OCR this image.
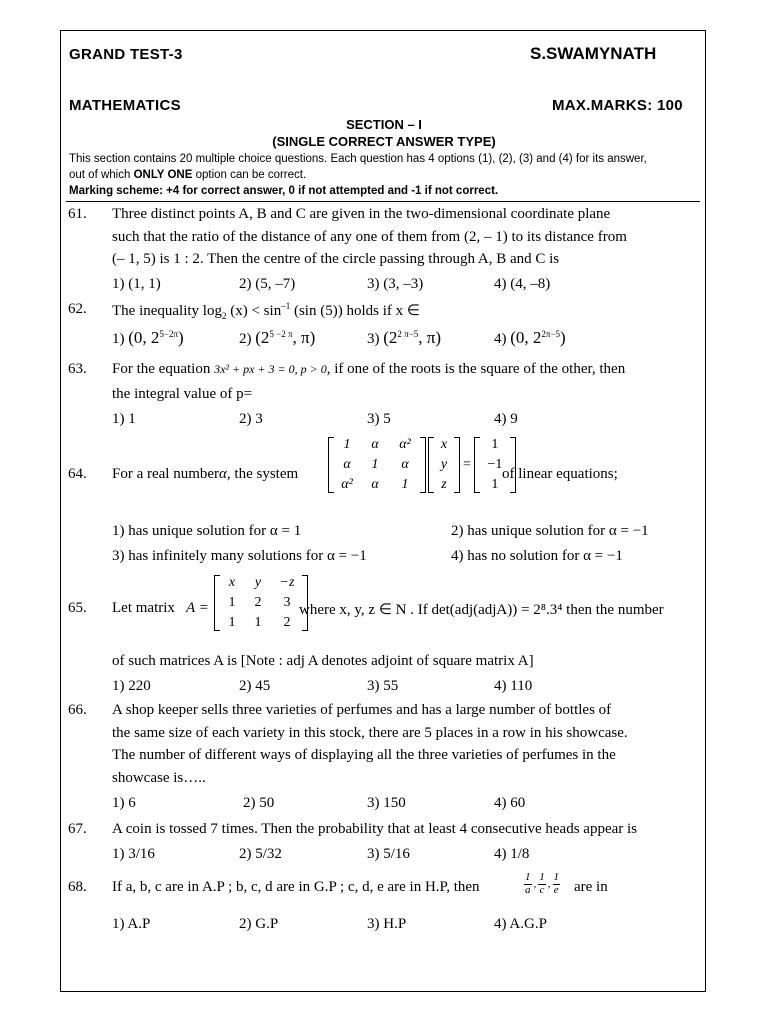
GRAND TEST-3	S.SWAMYNATH
MATHEMATICS	MAX.MARKS: 100
SECTION – I
(SINGLE CORRECT ANSWER TYPE)
This section contains 20 multiple choice questions. Each question has 4 options (1), (2), (3) and (4) for its answer,
out of which ONLY ONE option can be correct.
Marking scheme: +4 for correct answer, 0 if not attempted and -1 if not correct.
61. Three distinct points A, B and C are given in the two-dimensional coordinate plane
such that the ratio of the distance of any one of them from (2, – 1) to its distance from
(– 1, 5) is 1 : 2. Then the centre of the circle passing through A, B and C is
1) (1, 1)	2) (5, –7)	3) (3, –3)	4) (4, –8)
62. The inequality $\log_2 (x) < \sin^{-1} (\sin$ (5)) holds if x ∈
1) (0, $2^{5-2\pi}$)	2) ($2^{5 -2 \pi}$, π)	3) ($2^{2 \pi-5}$, π)	4) (0, $2^{2\pi-5}$)
63. For the equation 3x² + px + 3 = 0, p > 0, if one of the roots is the square of the other, then
the integral value of p=
1) 1	2) 3	3) 5	4) 9
64. For a real numberα, the system
1	α	α²
α	1	α
α²	α	1
x
y
z
=
1
−1
1
of linear equations;
1) has unique solution for α = 1	2) has unique solution for α = −1
3) has infinitely many solutions for α = −1	4) has no solution for α = −1
65. Let matrix A =
x	y	−z
1	2	3
1	1	2
where x, y, z ∈ N . If det(adj(adjA)) = 2⁸.3⁴ then the number
of such matrices A is [Note : adj A denotes adjoint of square matrix A]
1) 220	2) 45	3) 55	4) 110
66. A shop keeper sells three varieties of perfumes and has a large number of bottles of
the same size of each variety in this stock, there are 5 places in a row in his showcase.
The number of different ways of displaying all the three varieties of perfumes in the
showcase is…..
1) 6	2) 50	3) 150	4) 60
67. A coin is tossed 7 times. Then the probability that at least 4 consecutive heads appear is
1) 3/16	2) 5/32	3) 5/16	4) 1/8
68. If a, b, c are in A.P ; b, c, d are in G.P ; c, d, e are in H.P, then	$\frac{1}{a}$ , $\frac{1}{c}$ , $\frac{1}{e}$ are in
1) A.P	2) G.P	3) H.P	4) A.G.P
